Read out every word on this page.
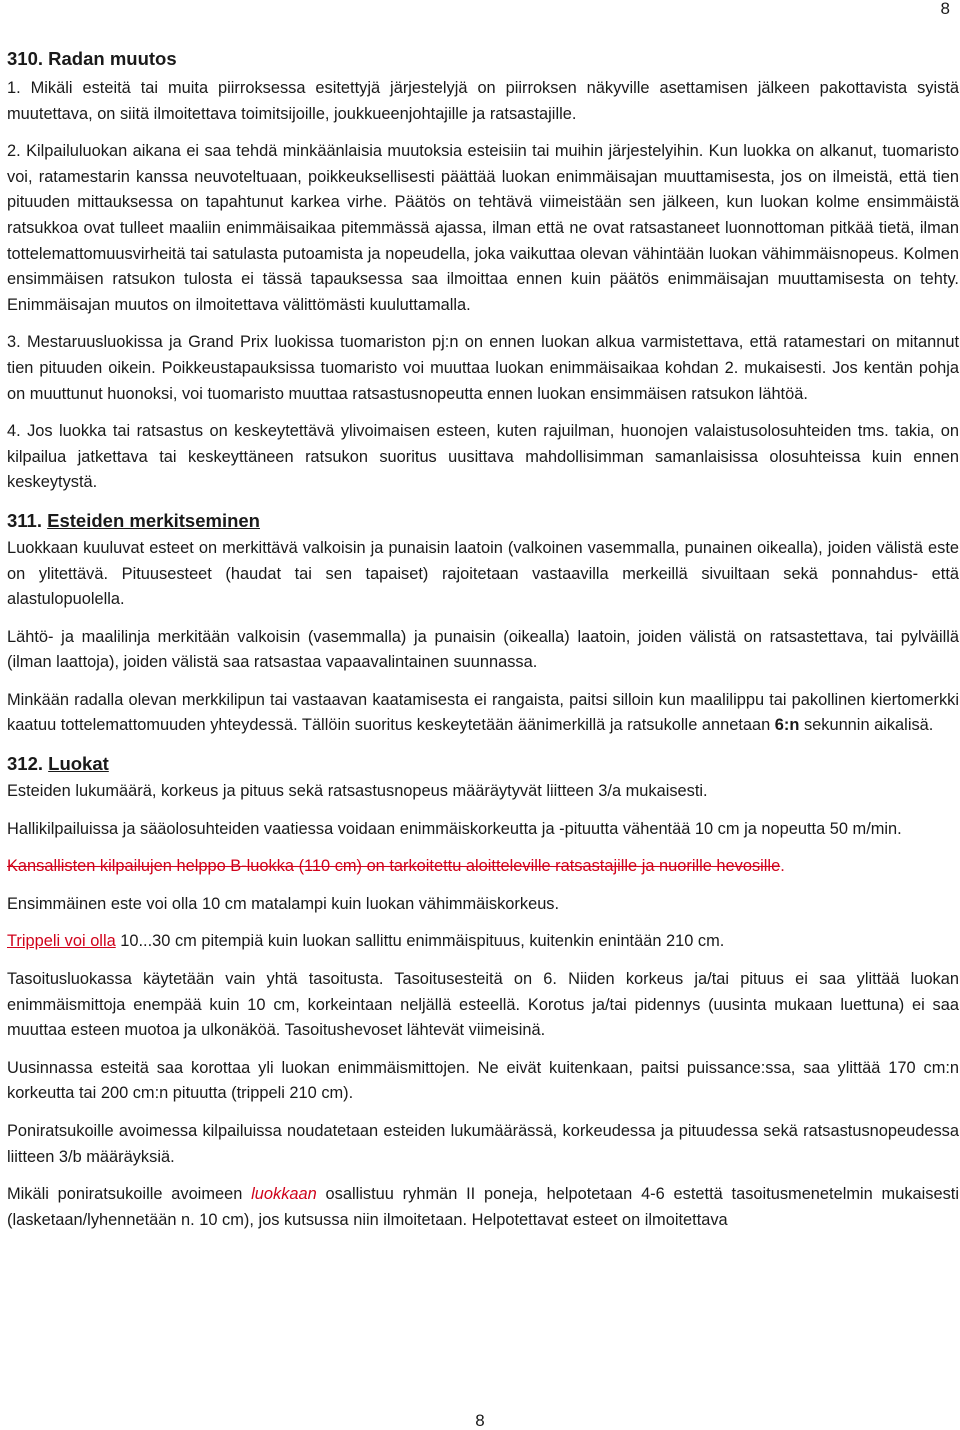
8
310. Radan muutos

1. Mikäli esteitä tai muita piirroksessa esitettyjä järjestelyjä on piirroksen näkyville asettamisen jälkeen pakottavista syistä muutettava, on siitä ilmoitettava toimitsijoille, joukkueenjohtajille ja ratsastajille.

2. Kilpailuluokan aikana ei saa tehdä minkäänlaisia muutoksia esteisiin tai muihin järjestelyihin. Kun luokka on alkanut, tuomaristo voi, ratamestarin kanssa neuvoteltuaan, poikkeuksellisesti päättää luokan enimmäisajan muuttamisesta, jos on ilmeistä, että tien pituuden mittauksessa on tapahtunut karkea virhe. Päätös on tehtävä viimeistään sen jälkeen, kun luokan kolme ensimmäistä ratsukkoa ovat tulleet maaliin enimmäisaikaa pitemmässä ajassa, ilman että ne ovat ratsastaneet luonnottoman pitkää tietä, ilman tottelemattomuusvirheitä tai satulasta putoamista ja nopeudella, joka vaikuttaa olevan vähintään luokan vähimmäisnopeus. Kolmen ensimmäisen ratsukon tulosta ei tässä tapauksessa saa ilmoittaa ennen kuin päätös enimmäisajan muuttamisesta on tehty. Enimmäisajan muutos on ilmoitettava välittömästi kuuluttamalla.

3. Mestaruusluokissa ja Grand Prix luokissa tuomariston pj:n on ennen luokan alkua varmistettava, että ratamestari on mitannut tien pituuden oikein. Poikkeustapauksissa tuomaristo voi muuttaa luokan enimmäisaikaa kohdan 2. mukaisesti. Jos kentän pohja on muuttunut huonoksi, voi tuomaristo muuttaa ratsastusnopeutta ennen luokan ensimmäisen ratsukon lähtöä.

4. Jos luokka tai ratsastus on keskeytettävä ylivoimaisen esteen, kuten rajuilman, huonojen valaistusolosuhteiden tms. takia, on kilpailua jatkettava tai keskeyttäneen ratsukon suoritus uusittava mahdollisimman samanlaisissa olosuhteissa kuin ennen keskeytystä.

311. Esteiden merkitseminen

Luokkaan kuuluvat esteet on merkittävä valkoisin ja punaisin laatoin (valkoinen vasemmalla, punainen oikealla), joiden välistä este on ylitettävä. Pituusesteet (haudat tai sen tapaiset) rajoitetaan vastaavilla merkeillä sivuiltaan sekä ponnahdus- että alastulopuolella.

Lähtö- ja maalilinja merkitään valkoisin (vasemmalla) ja punaisin (oikealla) laatoin, joiden välistä on ratsastettava, tai pylväillä (ilman laattoja), joiden välistä saa ratsastaa vapaavalintainen suunnassa.

Minkään radalla olevan merkkilipun tai vastaavan kaatamisesta ei rangaista, paitsi silloin kun maalilippu tai pakollinen kiertomerkki kaatuu tottelemattomuuden yhteydessä. Tällöin suoritus keskeytetään äänimerkillä ja ratsukolle annetaan 6:n sekunnin aikalisä.

312. Luokat

Esteiden lukumäärä, korkeus ja pituus sekä ratsastusnopeus määräytyvät liitteen 3/a mukaisesti.

Hallikilpailuissa ja sääolosuhteiden vaatiessa voidaan enimmäiskorkeutta ja -pituutta vähentää 10 cm ja nopeutta 50 m/min.

Kansallisten kilpailujen helppo B-luokka (110 cm) on tarkoitettu aloitteleville ratsastajille ja nuorille hevosille.

Ensimmäinen este voi olla 10 cm matalampi kuin luokan vähimmäiskorkeus.

Trippeli voi olla 10...30 cm pitempiä kuin luokan sallittu enimmäispituus, kuitenkin enintään 210 cm.

Tasoitusluokassa käytetään vain yhtä tasoitusta. Tasoitusesteitä on 6. Niiden korkeus ja/tai pituus ei saa ylittää luokan enimmäismittoja enempää kuin 10 cm, korkeintaan neljällä esteellä. Korotus ja/tai pidennys (uusinta mukaan luettuna) ei saa muuttaa esteen muotoa ja ulkonäköä. Tasoitushevoset lähtevät viimeisinä.

Uusinnassa esteitä saa korottaa yli luokan enimmäismittojen. Ne eivät kuitenkaan, paitsi puissance:ssa, saa ylittää 170 cm:n korkeutta tai 200 cm:n pituutta (trippeli 210 cm).

Poniratsukoille avoimessa kilpailuissa noudatetaan esteiden lukumäärässä, korkeudessa ja pituudessa sekä ratsastusnopeudessa liitteen 3/b määräyksiä.

Mikäli poniratsukoille avoimeen luokkaan osallistuu ryhmän II poneja, helpotetaan 4-6 estettä tasoitusmenetelmin mukaisesti (lasketaan/lyhennetään n. 10 cm), jos kutsussa niin ilmoitetaan. Helpotettavat esteet on ilmoitettava

8
